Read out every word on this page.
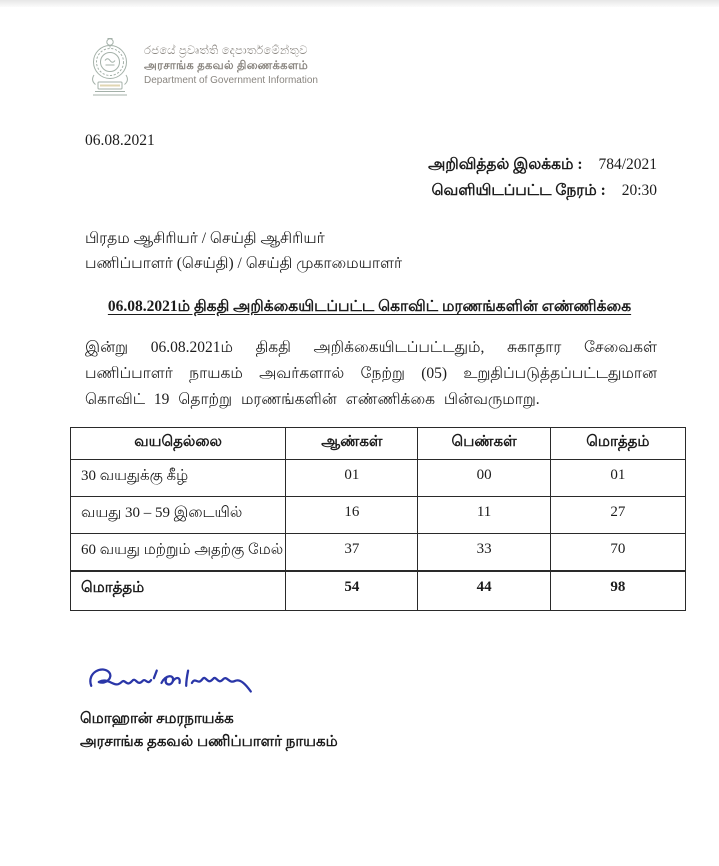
රජයේ ප්‍රවෘත්ති දෙපාර්තමේන්තුව
அரசாங்க தகவல் திணைக்களம்
Department of Government Information
06.08.2021
அறிவித்தல் இலக்கம் : 784/2021
வெளியிடப்பட்ட நேரம் : 20:30
பிரதம ஆசிரியர் / செய்தி ஆசிரியர்
பணிப்பாளர் (செய்தி) / செய்தி முகாமையாளர்
06.08.2021ம் திகதி அறிக்கையிடப்பட்ட கொவிட் மரணங்களின் எண்ணிக்கை

இன்று 06.08.2021ம் திகதி அறிக்கையிடப்பட்டதும், சுகாதார சேவைகள் பணிப்பாளர் நாயகம் அவர்களால் நேற்று (05) உறுதிப்படுத்தப்பட்டதுமான கொவிட் 19 தொற்று மரணங்களின் எண்ணிக்கை பின்வருமாறு.

வயதெல்லை	ஆண்கள்	பெண்கள்	மொத்தம்
30 வயதுக்கு கீழ்	01	00	01
வயது 30 – 59 இடையில்	16	11	27
60 வயது மற்றும் அதற்கு மேல்	37	33	70
மொத்தம்	54	44	98
மொஹான் சமரநாயக்க
அரசாங்க தகவல் பணிப்பாளர் நாயகம்
